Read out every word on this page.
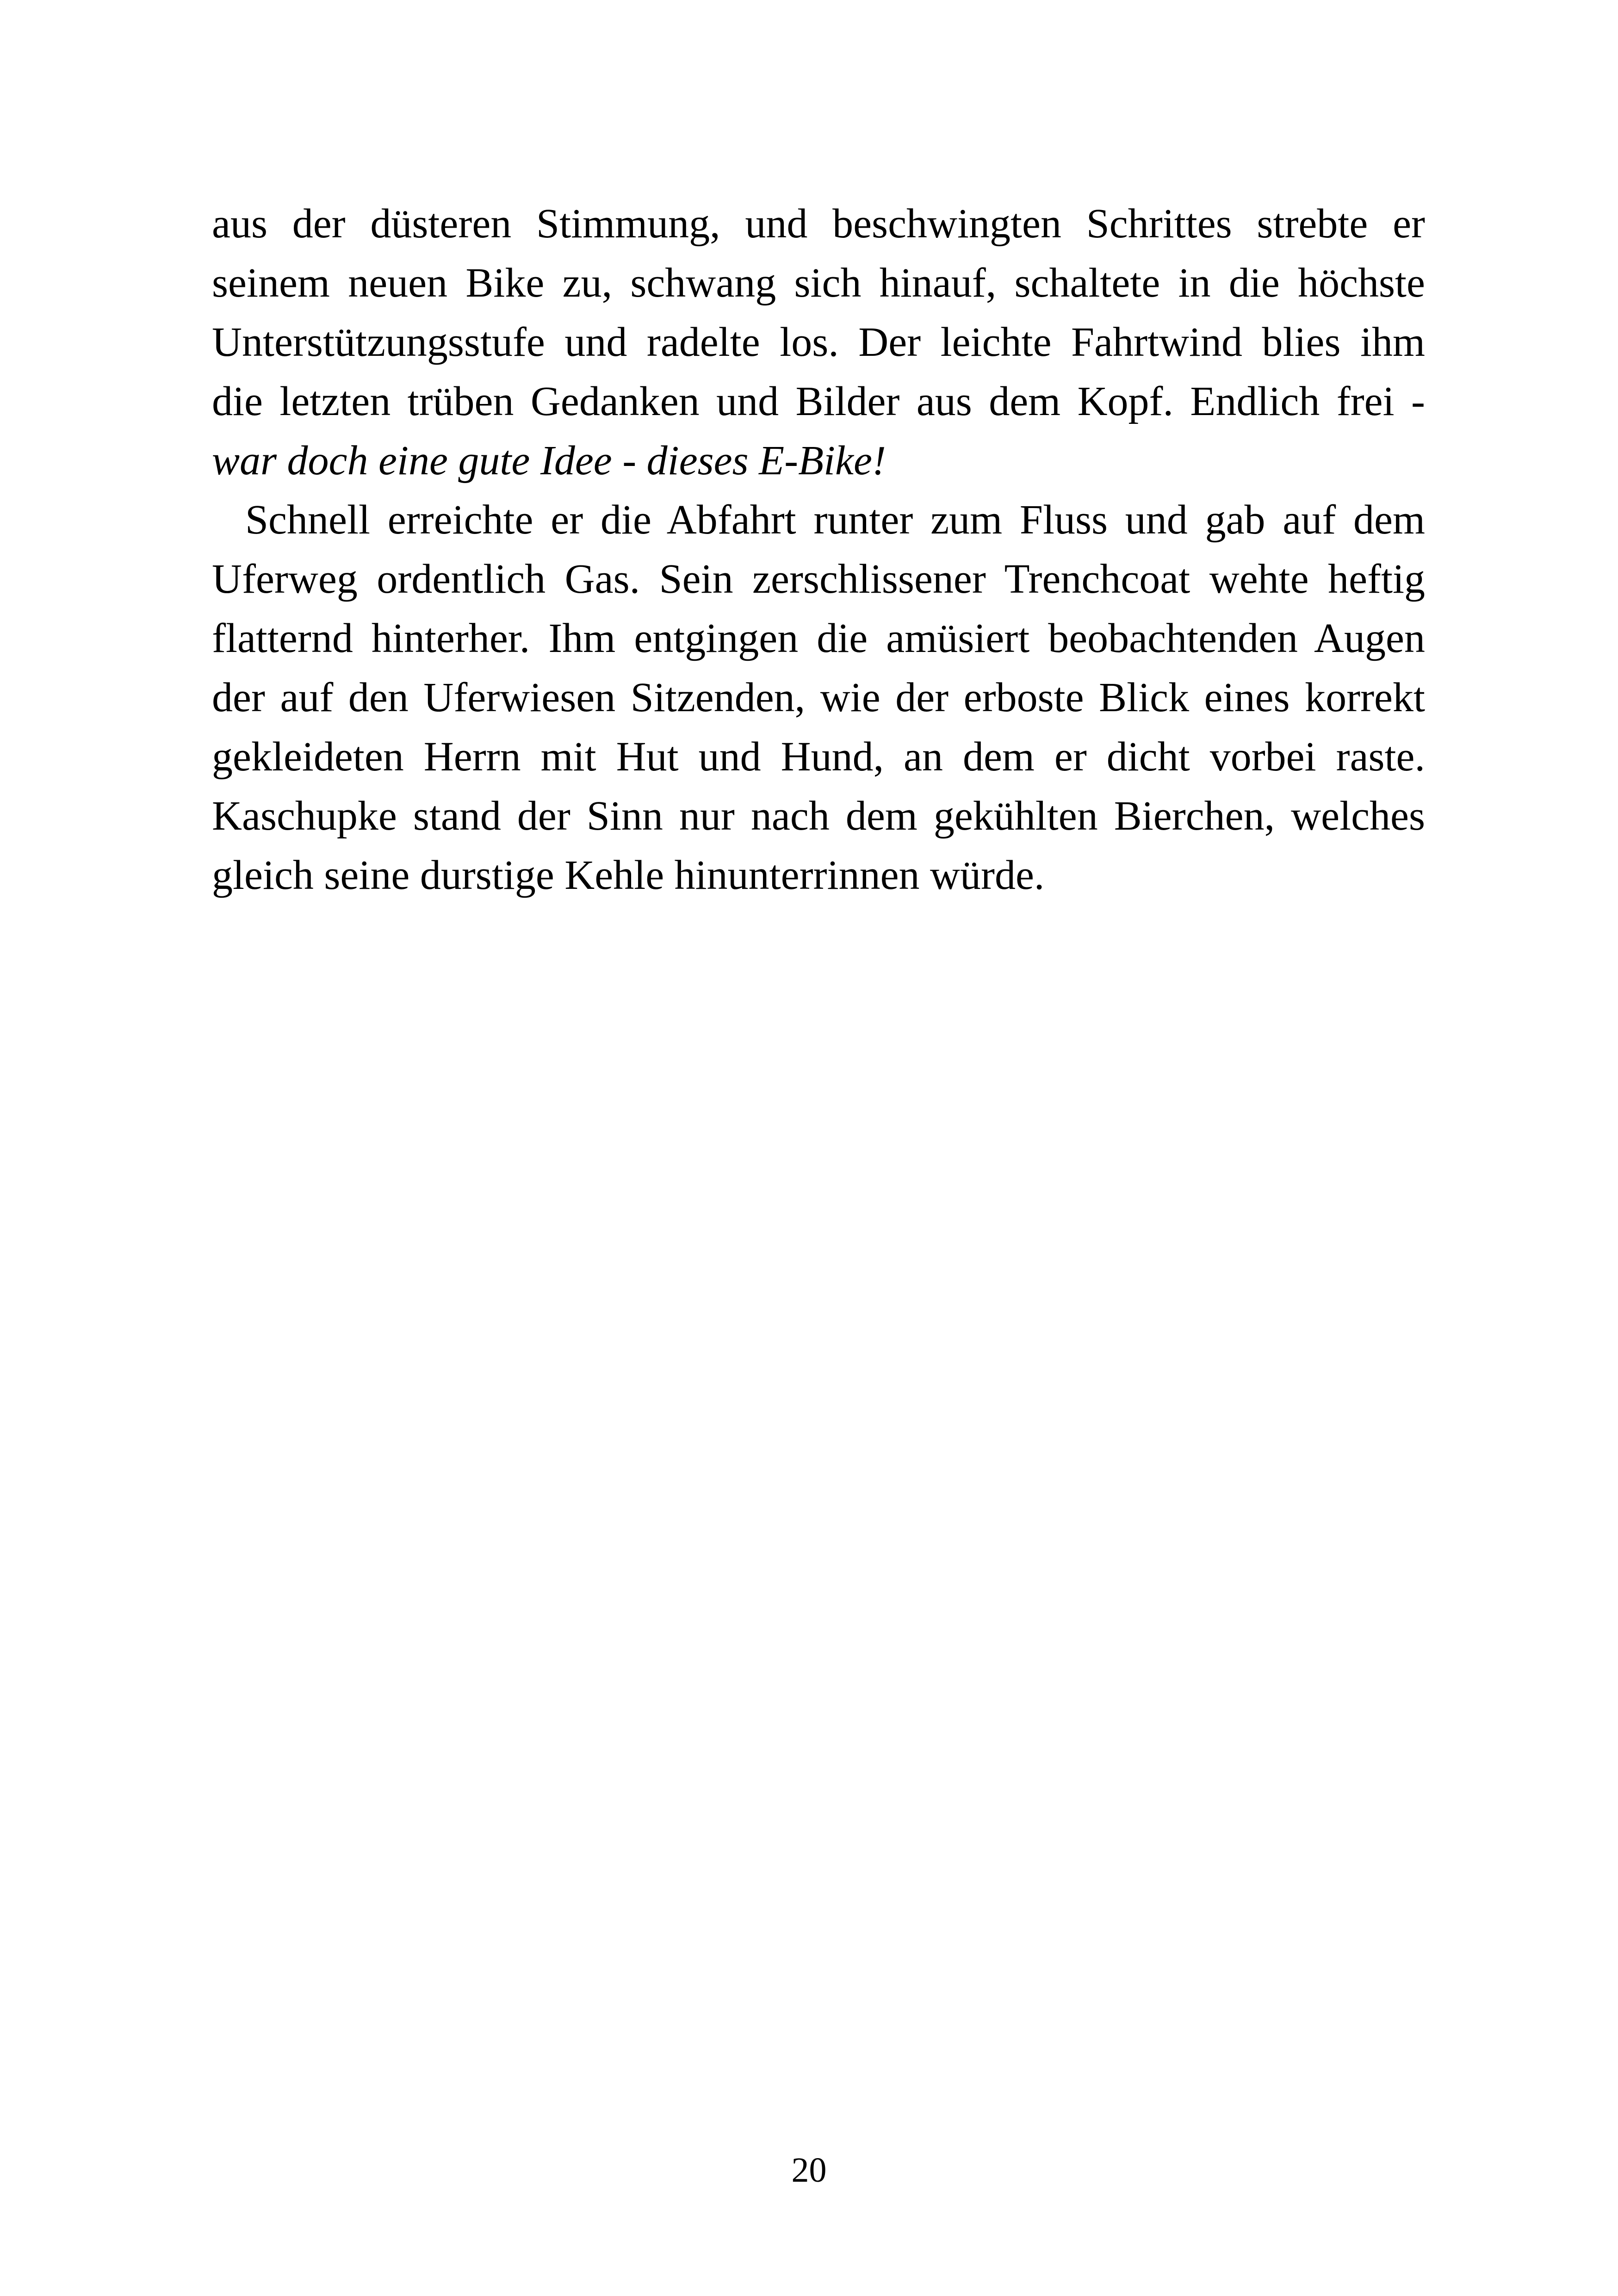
aus der düsteren Stimmung, und beschwingten Schrittes strebte er
seinem neuen Bike zu, schwang sich hinauf, schaltete in die höchste
Unterstützungsstufe und radelte los. Der leichte Fahrtwind blies ihm
die letzten trüben Gedanken und Bilder aus dem Kopf. Endlich frei -
war doch eine gute Idee - dieses E-Bike!
Schnell erreichte er die Abfahrt runter zum Fluss und gab auf dem
Uferweg ordentlich Gas. Sein zerschlissener Trenchcoat wehte heftig
flatternd hinterher. Ihm entgingen die amüsiert beobachtenden Augen
der auf den Uferwiesen Sitzenden, wie der erboste Blick eines korrekt
gekleideten Herrn mit Hut und Hund, an dem er dicht vorbei raste.
Kaschupke stand der Sinn nur nach dem gekühlten Bierchen, welches
gleich seine durstige Kehle hinunterrinnen würde.
20
